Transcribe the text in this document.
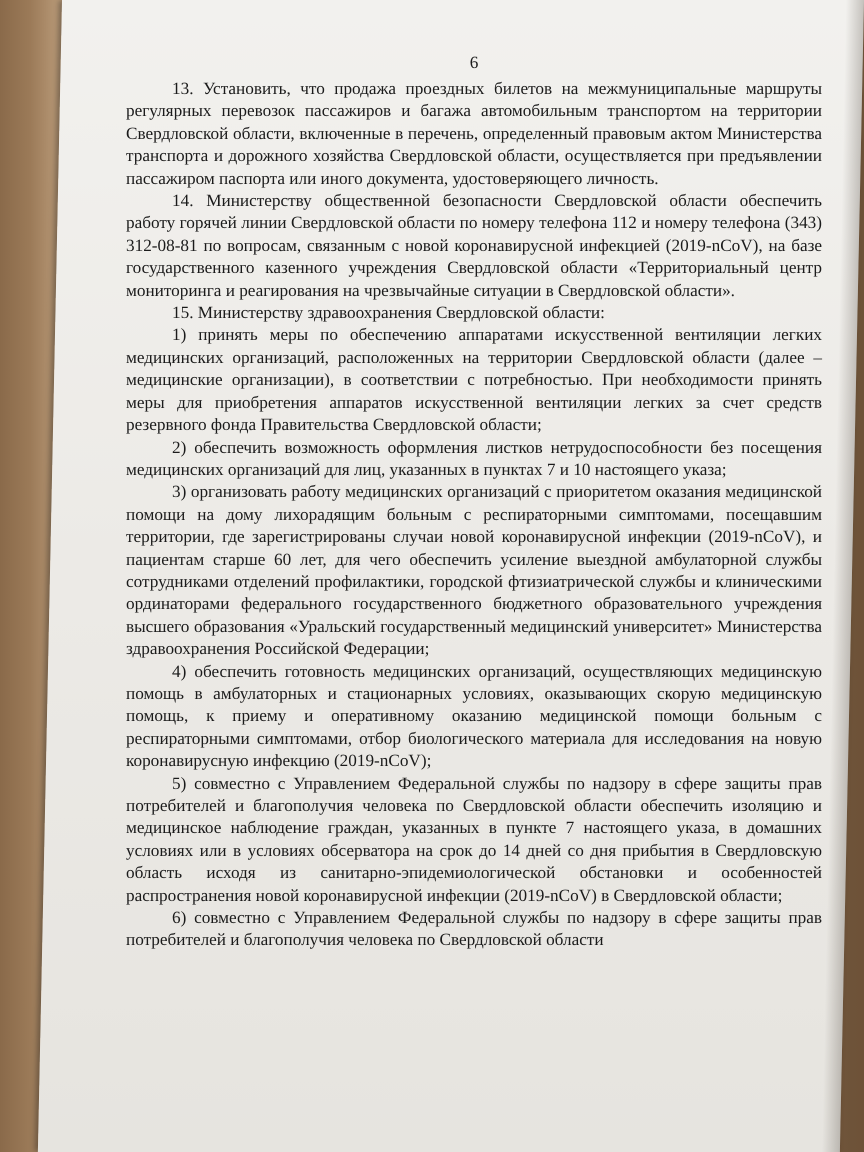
6

13. Установить, что продажа проездных билетов на межмуниципальные маршруты регулярных перевозок пассажиров и багажа автомобильным транспортом на территории Свердловской области, включенные в перечень, определенный правовым актом Министерства транспорта и дорожного хозяйства Свердловской области, осуществляется при предъявлении пассажиром паспорта или иного документа, удостоверяющего личность.

14. Министерству общественной безопасности Свердловской области обеспечить работу горячей линии Свердловской области по номеру телефона 112 и номеру телефона (343) 312-08-81 по вопросам, связанным с новой коронавирусной инфекцией (2019-nCoV), на базе государственного казенного учреждения Свердловской области «Территориальный центр мониторинга и реагирования на чрезвычайные ситуации в Свердловской области».

15. Министерству здравоохранения Свердловской области:

1) принять меры по обеспечению аппаратами искусственной вентиляции легких медицинских организаций, расположенных на территории Свердловской области (далее – медицинские организации), в соответствии с потребностью. При необходимости принять меры для приобретения аппаратов искусственной вентиляции легких за счет средств резервного фонда Правительства Свердловской области;

2) обеспечить возможность оформления листков нетрудоспособности без посещения медицинских организаций для лиц, указанных в пунктах 7 и 10 настоящего указа;

3) организовать работу медицинских организаций с приоритетом оказания медицинской помощи на дому лихорадящим больным с респираторными симптомами, посещавшим территории, где зарегистрированы случаи новой коронавирусной инфекции (2019-nCoV), и пациентам старше 60 лет, для чего обеспечить усиление выездной амбулаторной службы сотрудниками отделений профилактики, городской фтизиатрической службы и клиническими ординаторами федерального государственного бюджетного образовательного учреждения высшего образования «Уральский государственный медицинский университет» Министерства здравоохранения Российской Федерации;

4) обеспечить готовность медицинских организаций, осуществляющих медицинскую помощь в амбулаторных и стационарных условиях, оказывающих скорую медицинскую помощь, к приему и оперативному оказанию медицинской помощи больным с респираторными симптомами, отбор биологического материала для исследования на новую коронавирусную инфекцию (2019-nCoV);

5) совместно с Управлением Федеральной службы по надзору в сфере защиты прав потребителей и благополучия человека по Свердловской области обеспечить изоляцию и медицинское наблюдение граждан, указанных в пункте 7 настоящего указа, в домашних условиях или в условиях обсерватора на срок до 14 дней со дня прибытия в Свердловскую область исходя из санитарно-эпидемиологической обстановки и особенностей распространения новой коронавирусной инфекции (2019-nCoV) в Свердловской области;

6) совместно с Управлением Федеральной службы по надзору в сфере защиты прав потребителей и благополучия человека по Свердловской области
